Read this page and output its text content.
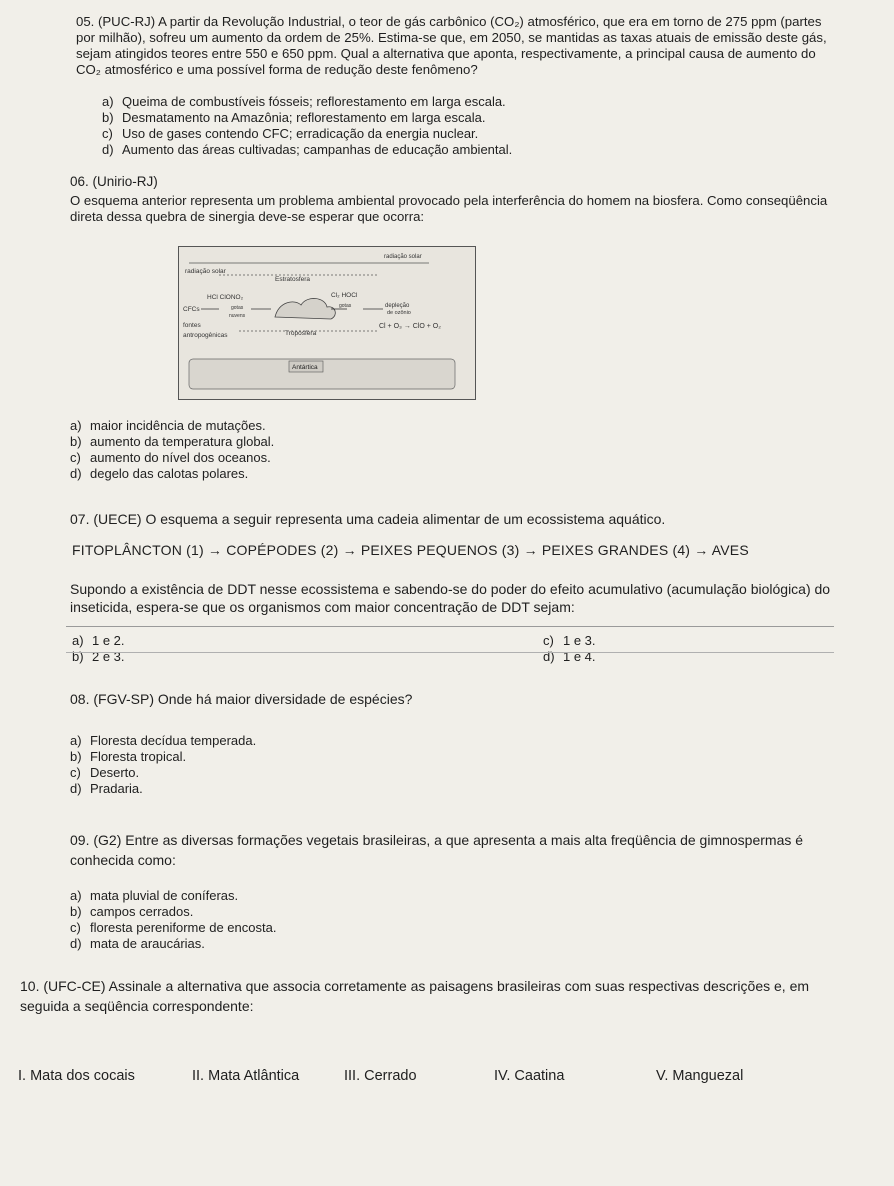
05. (PUC-RJ) A partir da Revolução Industrial, o teor de gás carbônico (CO₂) atmosférico, que era em torno de 275 ppm (partes por milhão), sofreu um aumento da ordem de 25%. Estima-se que, em 2050, se mantidas as taxas atuais de emissão deste gás, sejam atingidos teores entre 550 e 650 ppm. Qual a alternativa que aponta, respectivamente, a principal causa de aumento do CO₂ atmosférico e uma possível forma de redução deste fenômeno?

a) Queima de combustíveis fósseis; reflorestamento em larga escala.
b) Desmatamento na Amazônia; reflorestamento em larga escala.
c) Uso de gases contendo CFC; erradicação da energia nuclear.
d) Aumento das áreas cultivadas; campanhas de educação ambiental.

06. (Unirio-RJ)

O esquema anterior representa um problema ambiental provocado pela interferência do homem na biosfera. Como conseqüência direta dessa quebra de sinergia deve-se esperar que ocorra:

radiação solar
radiação solar
Estratosfera
HCl ClONO₂	Cl₂ HOCl
CFCs	gotas
nuvens
gotas	depleção
de ozônio
Cl + O₃ → ClO + O₂
fontes
antropogênicas	Troposfera
Antártica
a) maior incidência de mutações.
b) aumento da temperatura global.
c) aumento do nível dos oceanos.
d) degelo das calotas polares.

07. (UECE) O esquema a seguir representa uma cadeia alimentar de um ecossistema aquático.

FITOPLÂNCTON (1) → COPÉPODES (2) → PEIXES PEQUENOS (3) → PEIXES GRANDES (4) → AVES

Supondo a existência de DDT nesse ecossistema e sabendo-se do poder do efeito acumulativo (acumulação biológica) do inseticida, espera-se que os organismos com maior concentração de DDT sejam:

a) 1 e 2.	c) 1 e 3.
b) 2 e 3.	d) 1 e 4.

08. (FGV-SP) Onde há maior diversidade de espécies?

a) Floresta decídua temperada.
b) Floresta tropical.
c) Deserto.
d) Pradaria.

09. (G2) Entre as diversas formações vegetais brasileiras, a que apresenta a mais alta freqüência de gimnospermas é conhecida como:

a) mata pluvial de coníferas.
b) campos cerrados.
c) floresta pereniforme de encosta.
d) mata de araucárias.

10. (UFC-CE) Assinale a alternativa que associa corretamente as paisagens brasileiras com suas respectivas descrições e, em seguida a seqüência correspondente:

I. Mata dos cocais	II. Mata Atlântica	III. Cerrado	IV. Caatina	V. Manguezal
